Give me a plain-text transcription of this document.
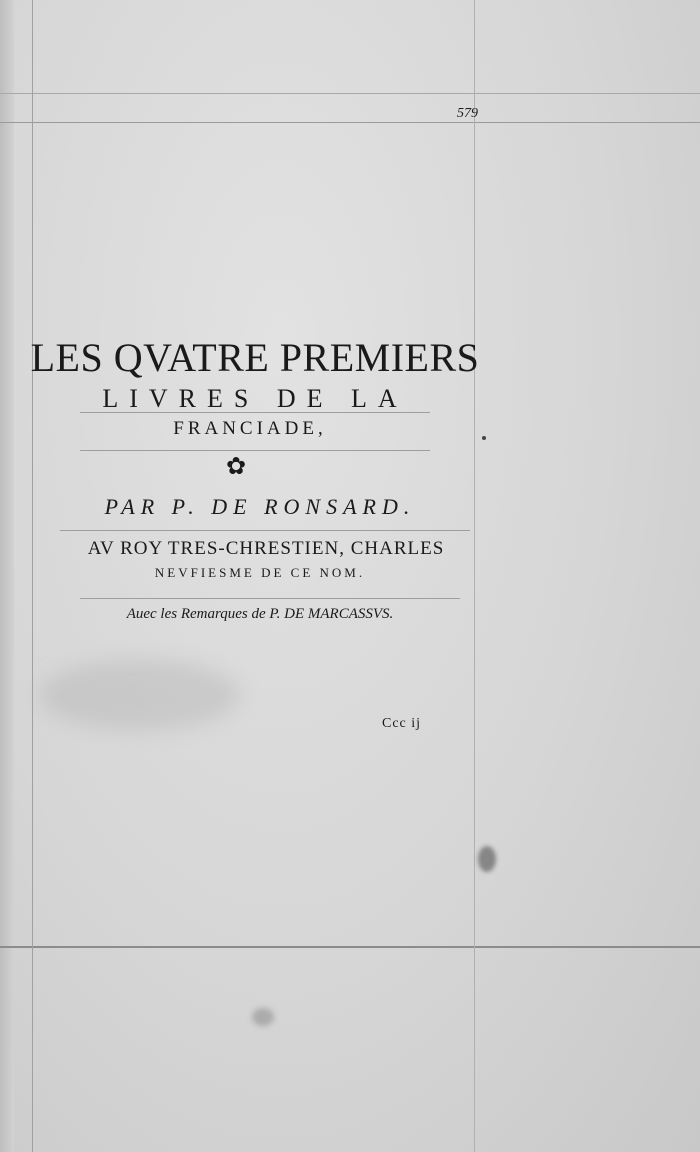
579
LES QVATRE PREMIERS
LIVRES DE LA
FRANCIADE,
✿
PAR P. DE RONSARD.
AV ROY TRES-CHRESTIEN, CHARLES
NEVFIESME DE CE NOM.
Auec les Remarques de P. DE MARCASSVS.
Ccc ij
